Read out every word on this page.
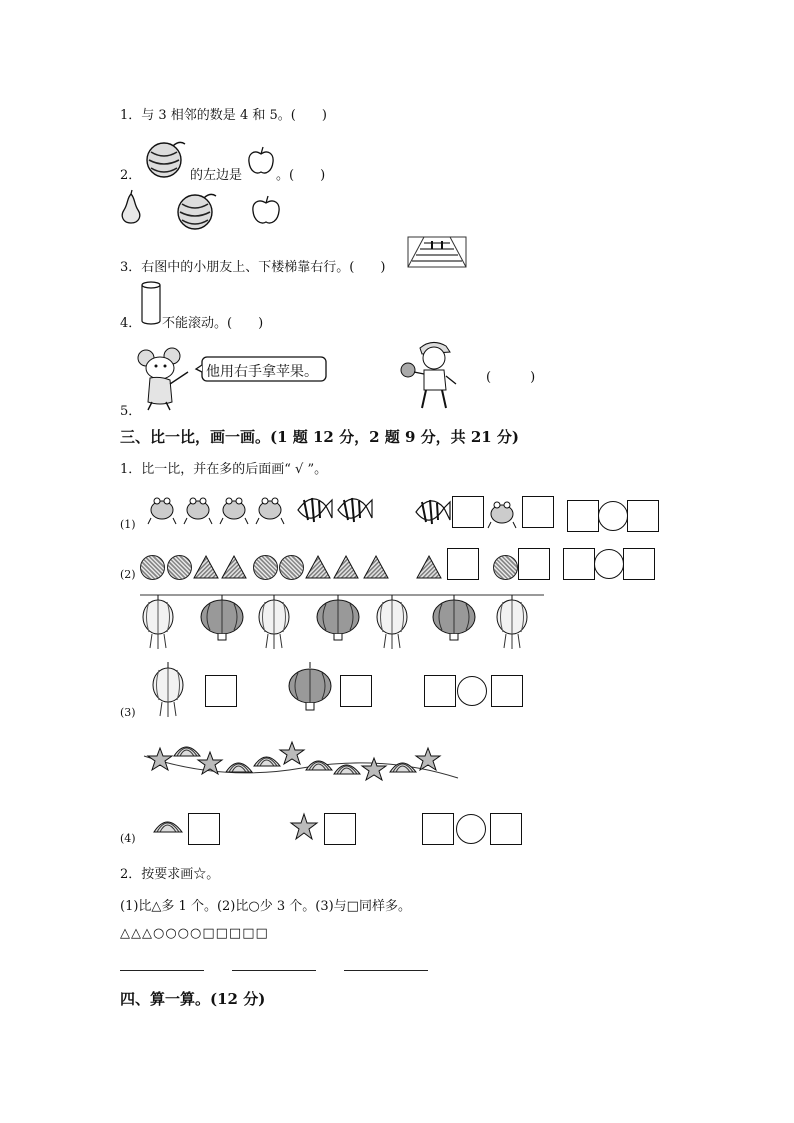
1．与 3 相邻的数是 4 和 5。(　　)
2．	的左边是	。(　　)
3．右图中的小朋友上、下楼梯靠右行。(　　)
4． 不能滚动。(　　)
5．
他用右手拿苹果。	(　　　)
三、比一比，画一画。(1 题 12 分，2 题 9 分，共 21 分)
1．比一比，并在多的后面画“ √ ”。
(1)
(2)
(3)
(4)
2．按要求画☆。
(1)比△多 1 个。(2)比○少 3 个。(3)与□同样多。
△△△○○○○□□□□□
四、算一算。(12 分)
